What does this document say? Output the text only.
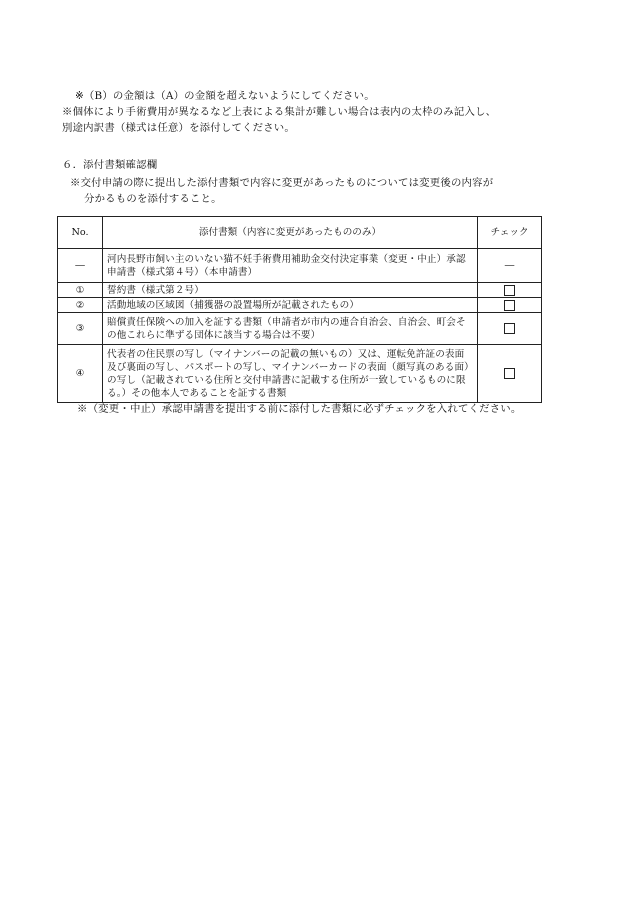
※（B）の金額は（A）の金額を超えないようにしてください。
※個体により手術費用が異なるなど上表による集計が難しい場合は表内の太枠のみ記入し、
別途内訳書（様式は任意）を添付してください。
６．添付書類確認欄
※交付申請の際に提出した添付書類で内容に変更があったものについては変更後の内容が
分かるものを添付すること。
No.	添付書類（内容に変更があったもののみ）	チェック
―	河内長野市飼い主のいない猫不妊手術費用補助金交付決定事業（変更・中止）承認申請書（様式第４号）（本申請書）	―
①	誓約書（様式第２号）	

②	活動地域の区域図（捕獲器の設置場所が記載されたもの）	

③	賠償責任保険への加入を証する書類（申請者が市内の連合自治会、自治会、町会その他これらに準ずる団体に該当する場合は不要）	

④	代表者の住民票の写し（マイナンバーの記載の無いもの）又は、運転免許証の表面及び裏面の写し、パスポートの写し、マイナンバーカードの表面（顔写真のある面）の写し（記載されている住所と交付申請書に記載する住所が一致しているものに限る。）その他本人であることを証する書類	

※（変更・中止）承認申請書を提出する前に添付した書類に必ずチェックを入れてください。
